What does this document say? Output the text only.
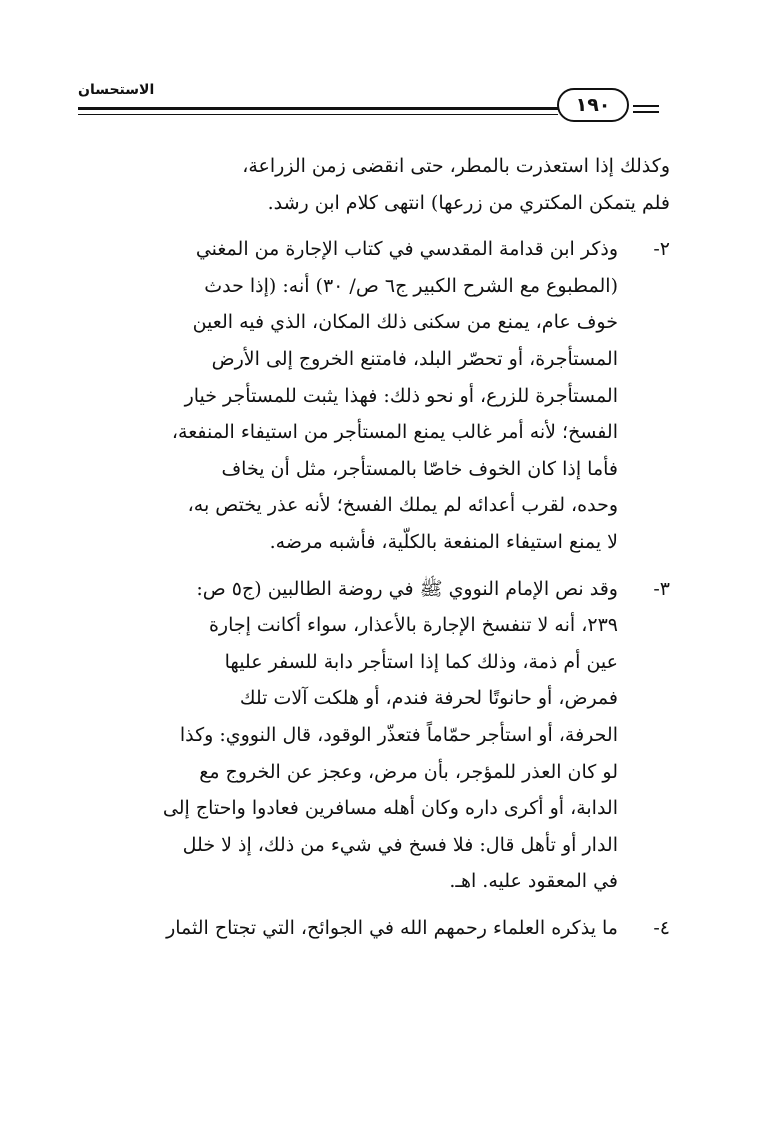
الاستحسان
١٩٠
وكذلك إذا استعذرت بالمطر، حتى انقضى زمن الزراعة،
فلم يتمكن المكتري من زرعها) انتهى كلام ابن رشد.
٢-
وذكر ابن قدامة المقدسي في كتاب الإجارة من المغني
(المطبوع مع الشرح الكبير ج٦ ص/ ٣٠) أنه: (إذا حدث
خوف عام، يمنع من سكنى ذلك المكان، الذي فيه العين
المستأجرة، أو تحصّر البلد، فامتنع الخروج إلى الأرض
المستأجرة للزرع، أو نحو ذلك: فهذا يثبت للمستأجر خيار
الفسخ؛ لأنه أمر غالب يمنع المستأجر من استيفاء المنفعة،
فأما إذا كان الخوف خاصّا بالمستأجر، مثل أن يخاف
وحده، لقرب أعدائه لم يملك الفسخ؛ لأنه عذر يختص به،
لا يمنع استيفاء المنفعة بالكلّية، فأشبه مرضه.
٣-
وقد نص الإمام النووي ﷺ في روضة الطالبين (ج٥ ص:
٢٣٩، أنه لا تنفسخ الإجارة بالأعذار، سواء أكانت إجارة
عين أم ذمة، وذلك كما إذا استأجر دابة للسفر عليها
فمرض، أو حانوتًا لحرفة فندم، أو هلكت آلات تلك
الحرفة، أو استأجر حمّاماً فتعذّر الوقود، قال النووي: وكذا
لو كان العذر للمؤجر، بأن مرض، وعجز عن الخروج مع
الدابة، أو أكرى داره وكان أهله مسافرين فعادوا واحتاج إلى
الدار أو تأهل قال: فلا فسخ في شيء من ذلك، إذ لا خلل
في المعقود عليه. اهـ.
٤-
ما يذكره العلماء رحمهم الله في الجوائح، التي تجتاح الثمار
